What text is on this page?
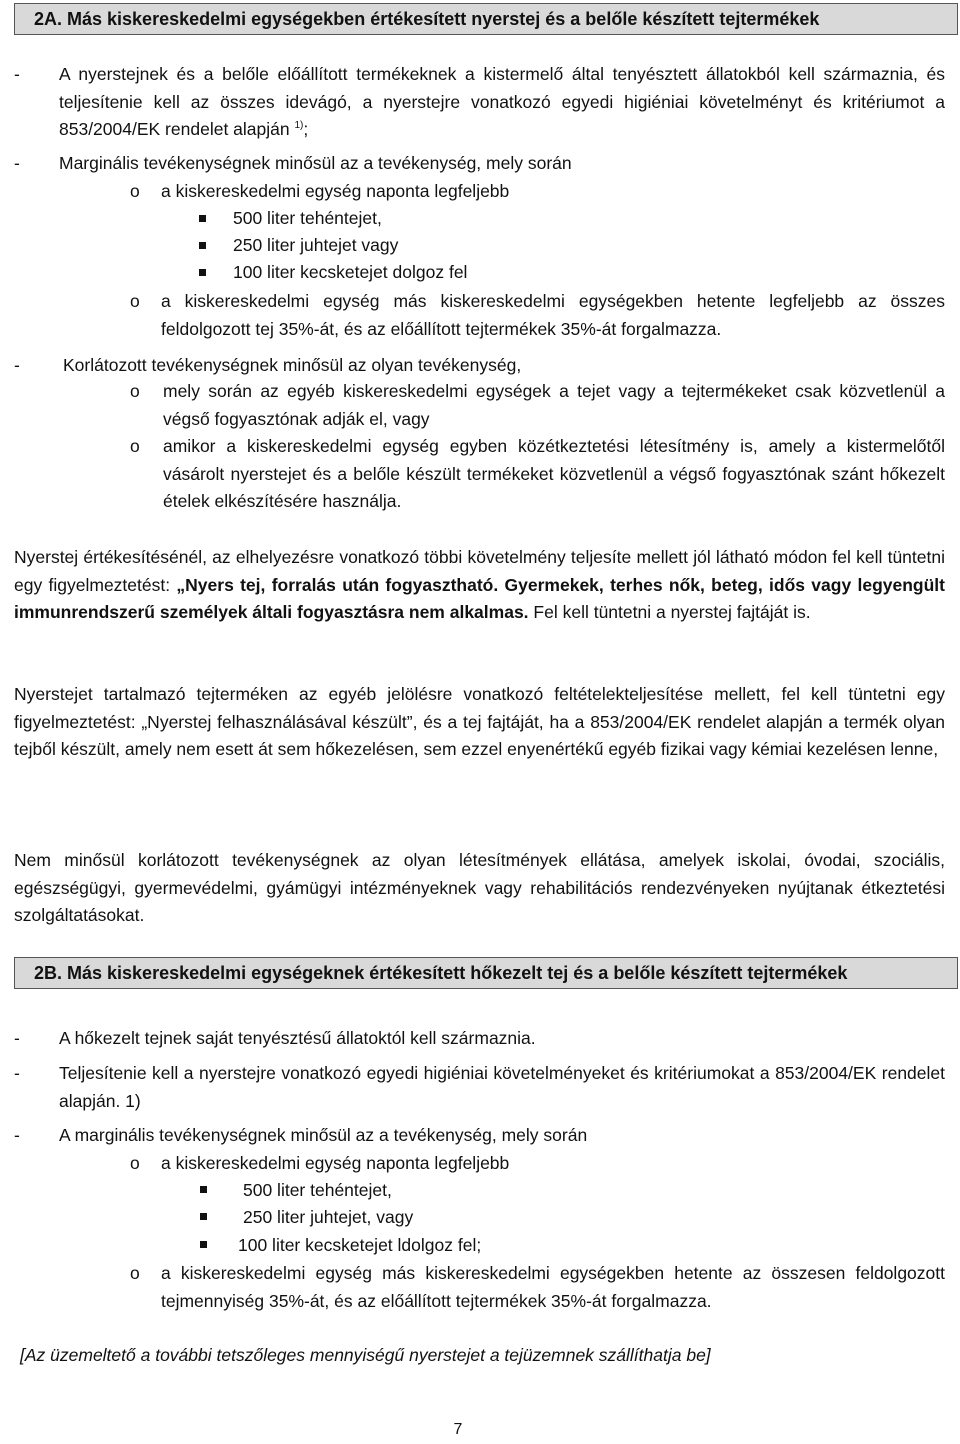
2A. Más kiskereskedelmi egységekben értékesített nyerstej és a belőle készített tejtermékek
- A nyerstejnek és a belőle előállított termékeknek a kistermelő által tenyésztett állatokból kell származnia, és teljesítenie kell az összes idevágó, a nyerstejre vonatkozó egyedi higiéniai követelményt és kritériumot a 853/2004/EK rendelet alapján $^{1)}$;
- Marginális tevékenységnek minősül az a tevékenység, mely során
o a kiskereskedelmi egység naponta legfeljebb
500 liter tehéntejet,
250 liter juhtejet vagy
100 liter kecsketejet dolgoz fel
o a kiskereskedelmi egység más kiskereskedelmi egységekben hetente legfeljebb az összes feldolgozott tej 35%-át, és az előállított tejtermékek 35%-át forgalmazza.
- Korlátozott tevékenységnek minősül az olyan tevékenység,
o mely során az egyéb kiskereskedelmi egységek a tejet vagy a tejtermékeket csak közvetlenül a végső fogyasztónak adják el, vagy
o amikor a kiskereskedelmi egység egyben közétkeztetési létesítmény is, amely a kistermelőtől vásárolt nyerstejet és a belőle készült termékeket közvetlenül a végső fogyasztónak szánt hőkezelt ételek elkészítésére használja.
Nyerstej értékesítésénél, az elhelyezésre vonatkozó többi követelmény teljesíte mellett jól látható módon fel kell tüntetni egy figyelmeztetést: „Nyers tej, forralás után fogyasztható. Gyermekek, terhes nők, beteg, idős vagy legyengült immunrendszerű személyek általi fogyasztásra nem alkalmas. Fel kell tüntetni a nyerstej fajtáját is.
Nyerstejet tartalmazó tejterméken az egyéb jelölésre vonatkozó feltételekteljesítése mellett, fel kell tüntetni egy figyelmeztetést: „Nyerstej felhasználásával készült”, és a tej fajtáját, ha a 853/2004/EK rendelet alapján a termék olyan tejből készült, amely nem esett át sem hőkezelésen, sem ezzel enyenértékű egyéb fizikai vagy kémiai kezelésen lenne,
Nem minősül korlátozott tevékenységnek az olyan létesítmények ellátása, amelyek iskolai, óvodai, szociális, egészségügyi, gyermevédelmi, gyámügyi intézményeknek vagy rehabilitációs rendezvényeken nyújtanak étkeztetési szolgáltatásokat.
2B. Más kiskereskedelmi egységeknek értékesített hőkezelt tej és a belőle készített tejtermékek
- A hőkezelt tejnek saját tenyésztésű állatoktól kell származnia.
- Teljesítenie kell a nyerstejre vonatkozó egyedi higiéniai követelményeket és kritériumokat a 853/2004/EK rendelet alapján. 1)
- A marginális tevékenységnek minősül az a tevékenység, mely során
o a kiskereskedelmi egység naponta legfeljebb
500 liter tehéntejet,
250 liter juhtejet, vagy
100 liter kecsketejet ldolgoz fel;
o a kiskereskedelmi egység más kiskereskedelmi egységekben hetente az összesen feldolgozott tejmennyiség 35%-át, és az előállított tejtermékek 35%-át forgalmazza.
[Az üzemeltető a további tetszőleges mennyiségű nyerstejet a tejüzemnek szállíthatja be]
7
